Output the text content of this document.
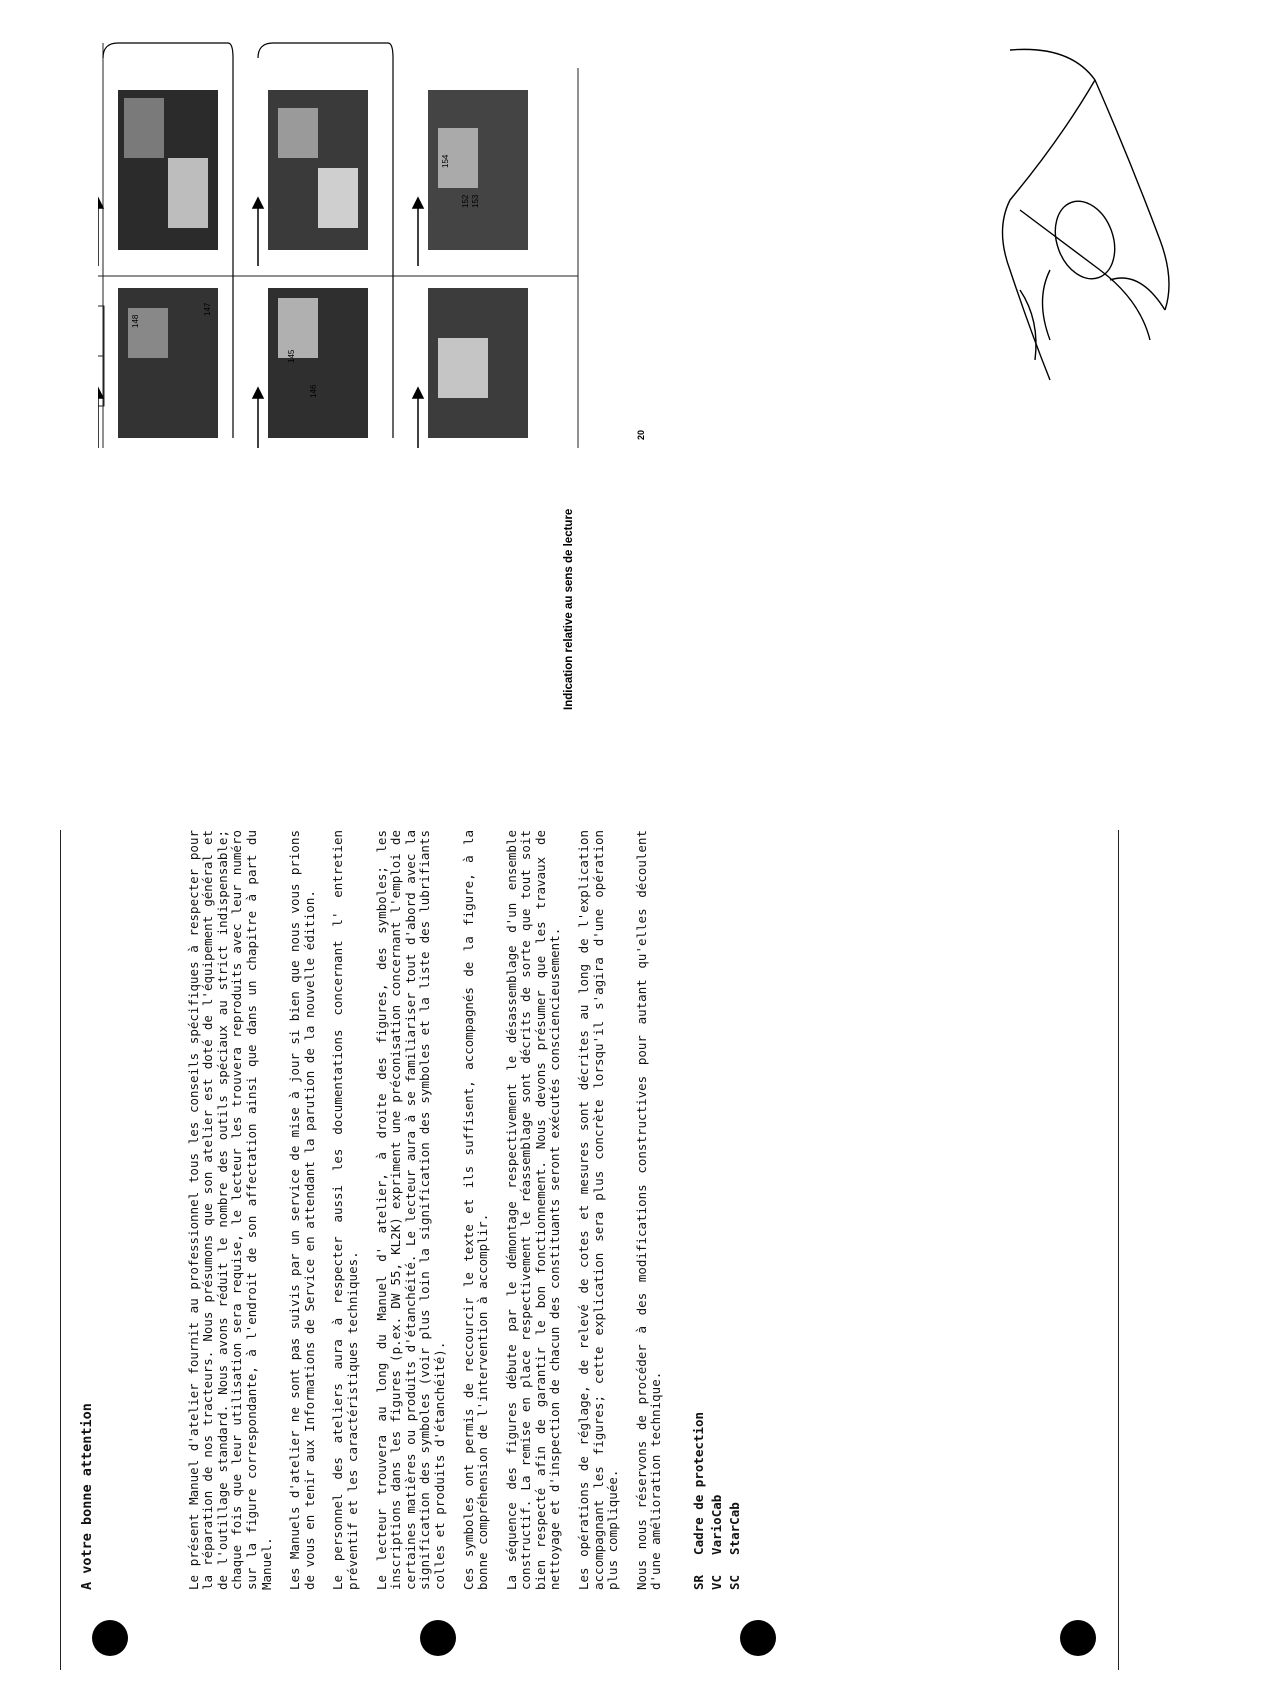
A votre bonne attention	Le présent Manuel d'atelier fournit au professionnel tous les conseils spécifiques à respecter pour la réparation de nos tracteurs. Nous présumons que son atelier est doté de l'équipement général et de l'outillage standard. Nous avons réduit le nombre des outils spéciaux au strict indispensable; chaque fois que leur utilisation sera requise, le lecteur les trouvera reproduits avec leur numéro sur la figure correspondante, à l'endroit de son affectation ainsi que dans un chapitre à part du Manuel. Les Manuels d'atelier ne sont pas suivis par un service de mise à jour si bien que nous vous prions de vous en tenir aux Informations de Service en attendant la parution de la nouvelle édition. Le personnel des ateliers aura à respecter aussi les documentations concernant l' entretien préventif et les caractéristiques techniques. Le lecteur trouvera au long du Manuel d' atelier, à droite des figures, des symboles; les inscriptions dans les figures (p.ex. DW 55, KL2K) expriment une préconisation concernant l'emploi de certaines matières ou produits d'étanchéité. Le lecteur aura à se familiariser tout d'abord avec la signification des symboles (voir plus loin la signification des symboles et la liste des lubrifiants colles et produits d'étanchéité). Ces symboles ont permis de reccourcir le texte et ils suffisent, accompagnés de la figure, à la bonne compréhension de l'intervention à accomplir. La séquence des figures débute par le démontage respectivement le désassemblage d'un ensemble constructif. La remise en place respectivement le réassemblage sont décrits de sorte que tout soit bien respecté afin de garantir le bon fonctionnement. Nous devons présumer que les travaux de nettoyage et d'inspection de chacun des constituants seront exécutés consciencieusement. Les opérations de réglage, de relevé de cotes et mesures sont décrites au long de l'explication accompagnant les figures; cette explication sera plus concrète lorsqu'il s'agira d'une opération plus compliquée. Nous nous réservons de procéder à des modifications constructives pour autant qu'elles découlent d'une amélioration technique. SR	Cadre de protection
VC	VarioCab
SC	StarCab
Indication relative au sens de lecture
148
147
145
146
152 153
154
20
